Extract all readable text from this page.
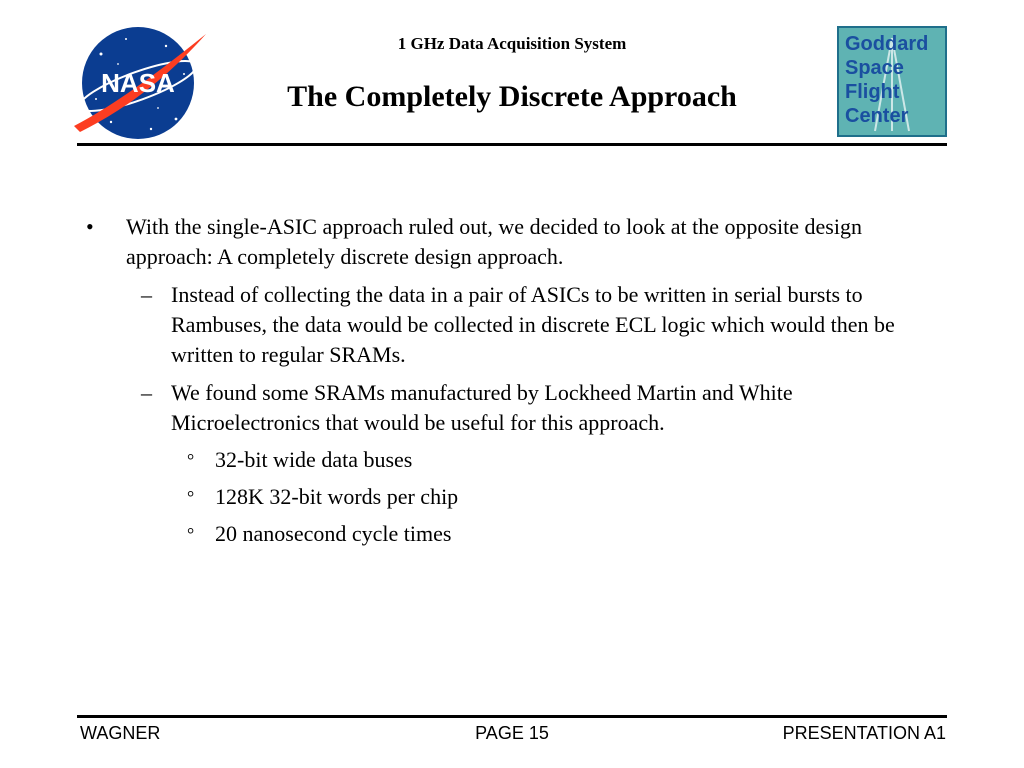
NASA
1 GHz Data Acquisition System
The Completely Discrete Approach
Goddard
Space
Flight
Center
• With the single-ASIC approach ruled out, we decided to look at the opposite design approach: A completely discrete design approach.
– Instead of collecting the data in a pair of ASICs to be written in serial bursts to Rambuses, the data would be collected in discrete ECL logic which would then be written to regular SRAMs.
– We found some SRAMs manufactured by Lockheed Martin and White Microelectronics that would be useful for this approach.
° 32-bit wide data buses
° 128K 32-bit words per chip
° 20 nanosecond cycle times
WAGNER	PAGE 15	PRESENTATION A1
